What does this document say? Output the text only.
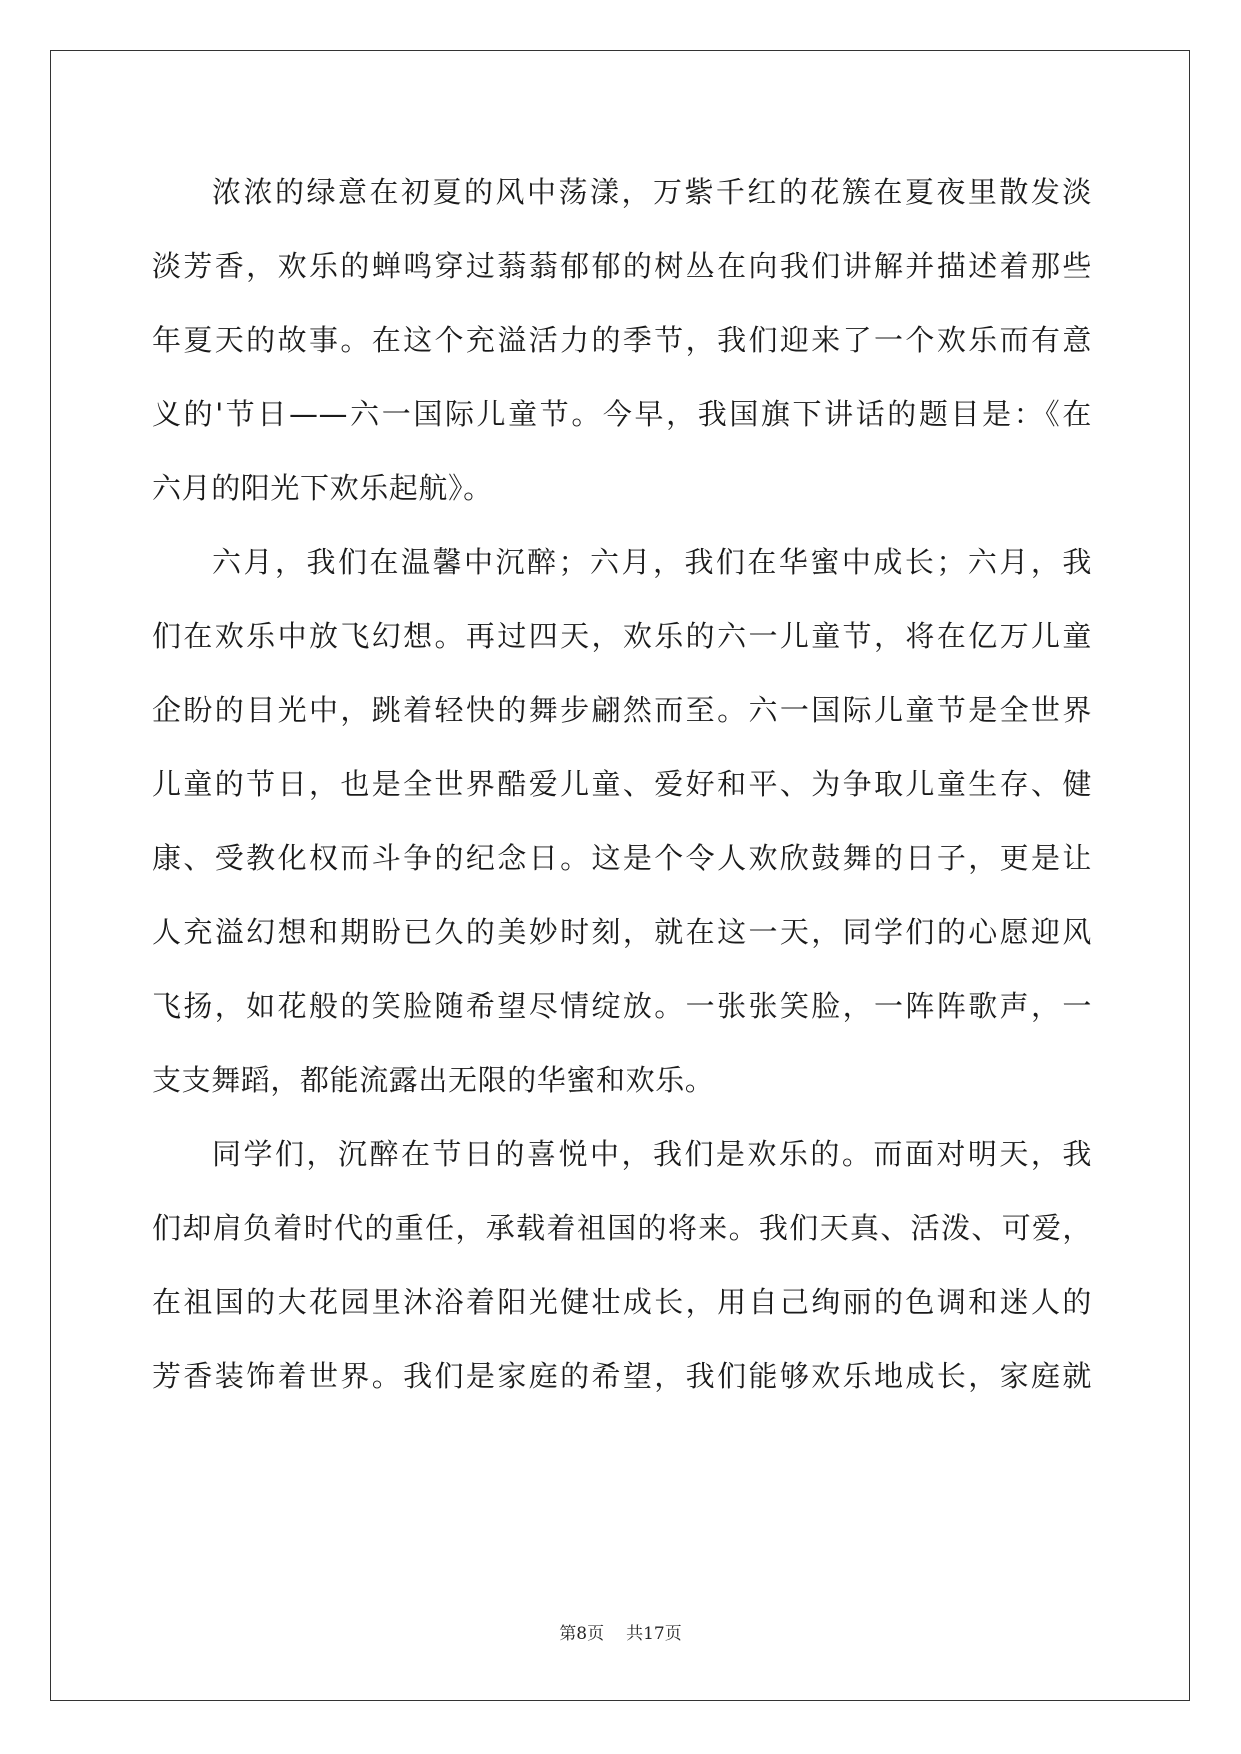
浓浓的绿意在初夏的风中荡漾，万紫千红的花簇在夏夜里散发淡
淡芳香，欢乐的蝉鸣穿过蓊蓊郁郁的树丛在向我们讲解并描述着那些
年夏天的故事。在这个充溢活力的季节，我们迎来了一个欢乐而有意
义的'节日——六一国际儿童节。今早，我国旗下讲话的题目是：《在
六月的阳光下欢乐起航》。
六月，我们在温馨中沉醉；六月，我们在华蜜中成长；六月，我
们在欢乐中放飞幻想。再过四天，欢乐的六一儿童节，将在亿万儿童
企盼的目光中，跳着轻快的舞步翩然而至。六一国际儿童节是全世界
儿童的节日，也是全世界酷爱儿童、爱好和平、为争取儿童生存、健
康、受教化权而斗争的纪念日。这是个令人欢欣鼓舞的日子，更是让
人充溢幻想和期盼已久的美妙时刻，就在这一天，同学们的心愿迎风
飞扬，如花般的笑脸随希望尽情绽放。一张张笑脸，一阵阵歌声，一
支支舞蹈，都能流露出无限的华蜜和欢乐。
同学们，沉醉在节日的喜悦中，我们是欢乐的。而面对明天，我
们却肩负着时代的重任，承载着祖国的将来。我们天真、活泼、可爱，
在祖国的大花园里沐浴着阳光健壮成长，用自己绚丽的色调和迷人的
芳香装饰着世界。我们是家庭的希望，我们能够欢乐地成长，家庭就
第8页 共17页
